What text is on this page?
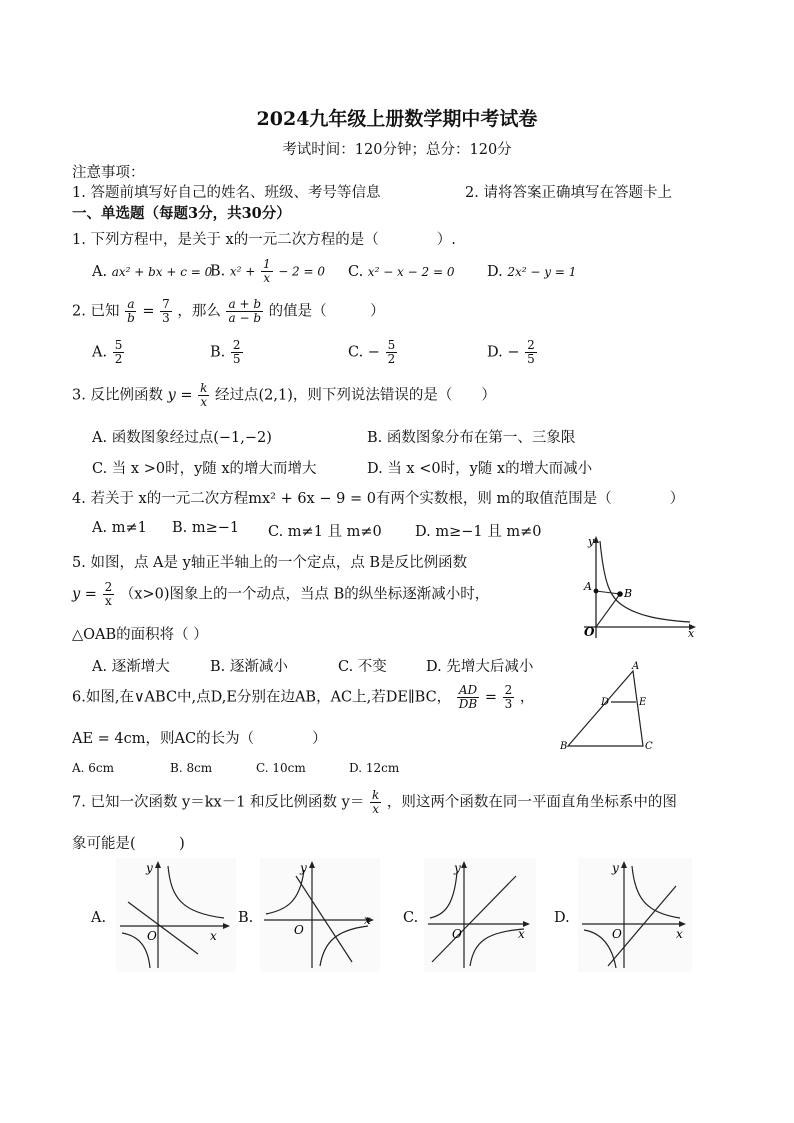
2024九年级上册数学期中考试卷
考试时间：120分钟；总分：120分
注意事项：
1. 答题前填写好自己的姓名、班级、考号等信息	2. 请将答案正确填写在答题卡上
一、单选题（每题3分，共30分）
1. 下列方程中，是关于 x的一元二次方程的是（　　　　）.
A. ax² + bx + c = 0
B. $x^2 + \frac{1}{x} - 2 = 0$ C. x² − x − 2 = 0 D. 2x² − y = 1
2. 已知 $\frac{a}{b} = \frac{7}{3}$ ，那么 $\frac{a + b}{a - b}$ 的值是（　　　）
A. $\frac{5}{2}$	B. $\frac{2}{5}$	C. − $\frac{5}{2}$	D. − $\frac{2}{5}$
3. 反比例函数 $y = \frac{k}{x}$ 经过点(2,1)，则下列说法错误的是（　　）
A. 函数图象经过点(−1,−2)	B. 函数图象分布在第一、三象限
C. 当 x >0时，y随 x的增大而增大	D. 当 x <0时，y随 x的增大而减小
4. 若关于 x的一元二次方程mx² + 6x − 9 = 0有两个实数根，则 m的取值范围是（　　　　）
A. m≠1 B. m≥−1 C. m≠1 且 m≠0 D. m≥−1 且 m≠0
5. 如图，点 A是 y轴正半轴上的一个定点，点 B是反比例函数
$y = \frac{2}{x} (x>0)$图象上的一个动点，当点 B的纵坐标逐渐减小时，
△OAB的面积将（ ）
A. 逐渐增大	B. 逐渐减小	C. 不变	D. 先增大后减小
y
A
B
O	x
6.如图,在∨ABC中,点D,E分别在边AB，AC上,若DE∥BC， $\frac{AD}{DB} = \frac{2}{3}$ ，
AE = 4cm，则AC的长为（　　　　）
A. 6cm	B. 8cm	C. 10cm	D. 12cm
A
D	E
B	C
7. 已知一次函数 y＝kx－1 和反比例函数 $y= \frac{k}{x}$ ，则这两个函数在同一平面直角坐标系中的图
象可能是(　　　)
A.	B.	C.	D.
y
O	x
y
O
x
y
O	x
y
O	x
